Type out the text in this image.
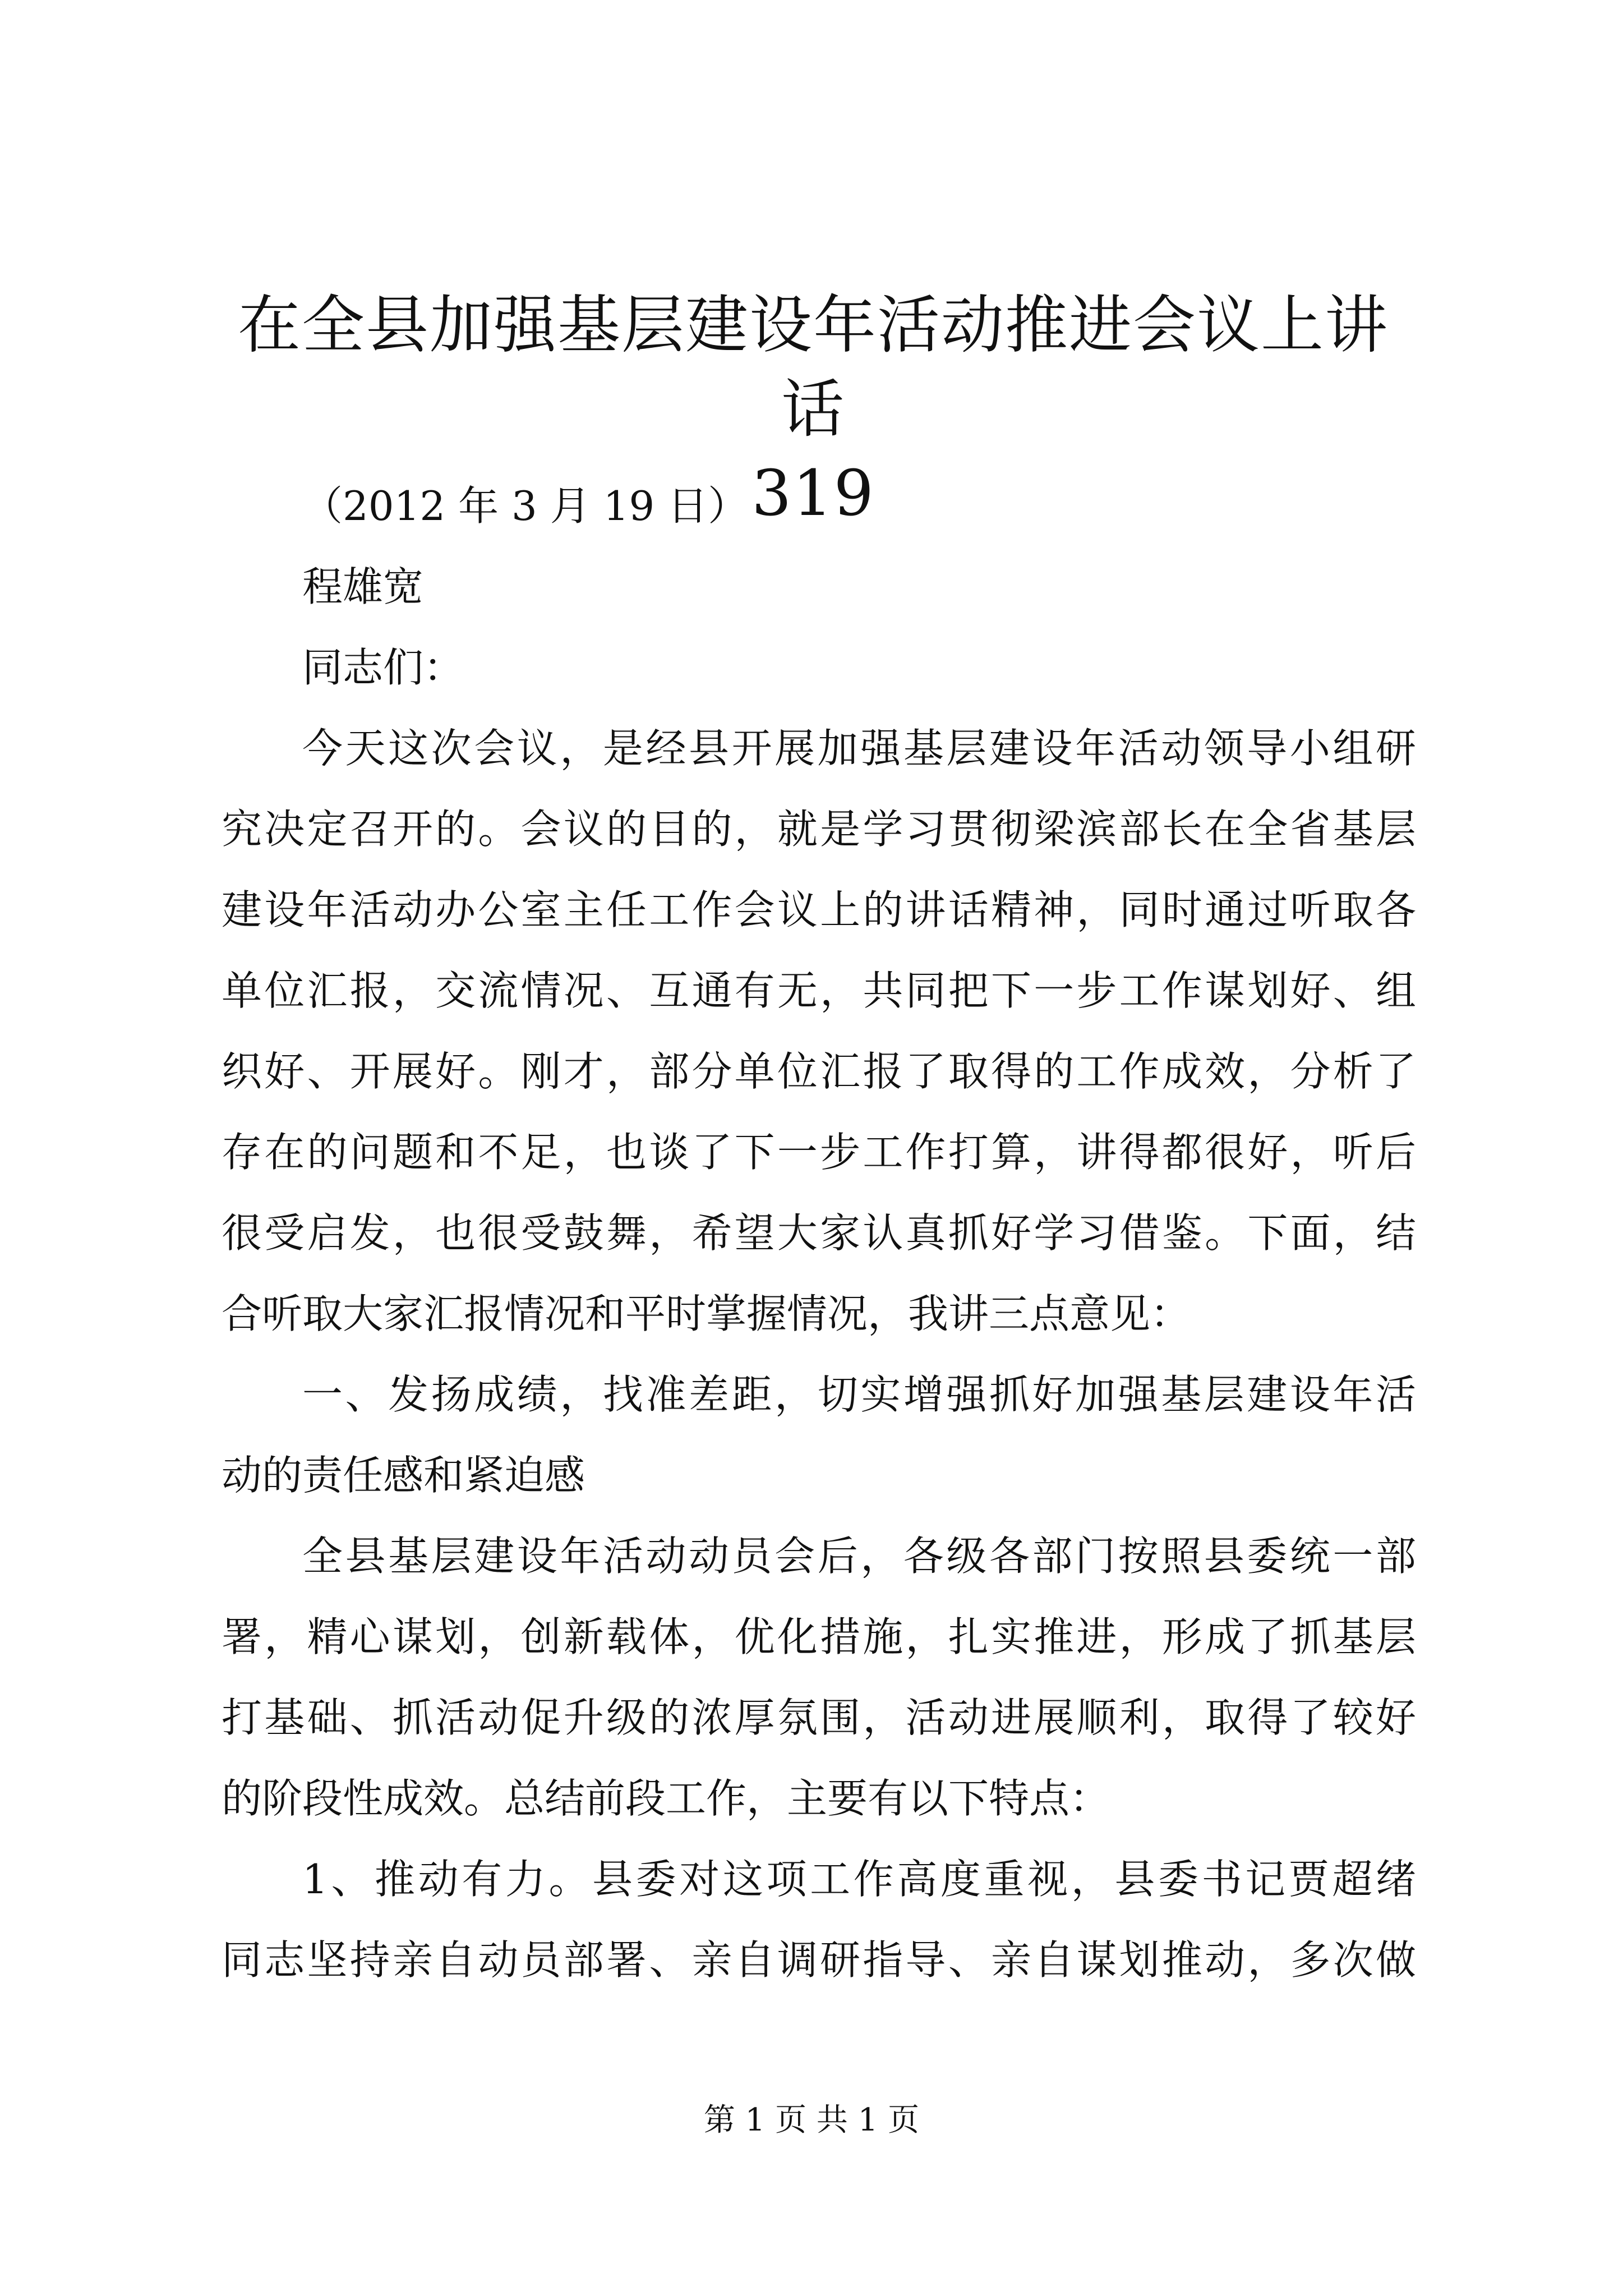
在全县加强基层建设年活动推进会议上讲话
319
（2012 年 3 月 19 日）
程雄宽
同志们：
今天这次会议，是经县开展加强基层建设年活动领导小组研
究决定召开的。会议的目的，就是学习贯彻梁滨部长在全省基层
建设年活动办公室主任工作会议上的讲话精神，同时通过听取各
单位汇报，交流情况、互通有无，共同把下一步工作谋划好、组
织好、开展好。刚才，部分单位汇报了取得的工作成效，分析了
存在的问题和不足，也谈了下一步工作打算，讲得都很好，听后
很受启发，也很受鼓舞，希望大家认真抓好学习借鉴。下面，结
合听取大家汇报情况和平时掌握情况，我讲三点意见：
一、发扬成绩，找准差距，切实增强抓好加强基层建设年活
动的责任感和紧迫感
全县基层建设年活动动员会后，各级各部门按照县委统一部
署，精心谋划，创新载体，优化措施，扎实推进，形成了抓基层
打基础、抓活动促升级的浓厚氛围，活动进展顺利，取得了较好
的阶段性成效。总结前段工作，主要有以下特点：
1、推动有力。县委对这项工作高度重视，县委书记贾超绪
同志坚持亲自动员部署、亲自调研指导、亲自谋划推动，多次做
第 1 页 共 1 页
